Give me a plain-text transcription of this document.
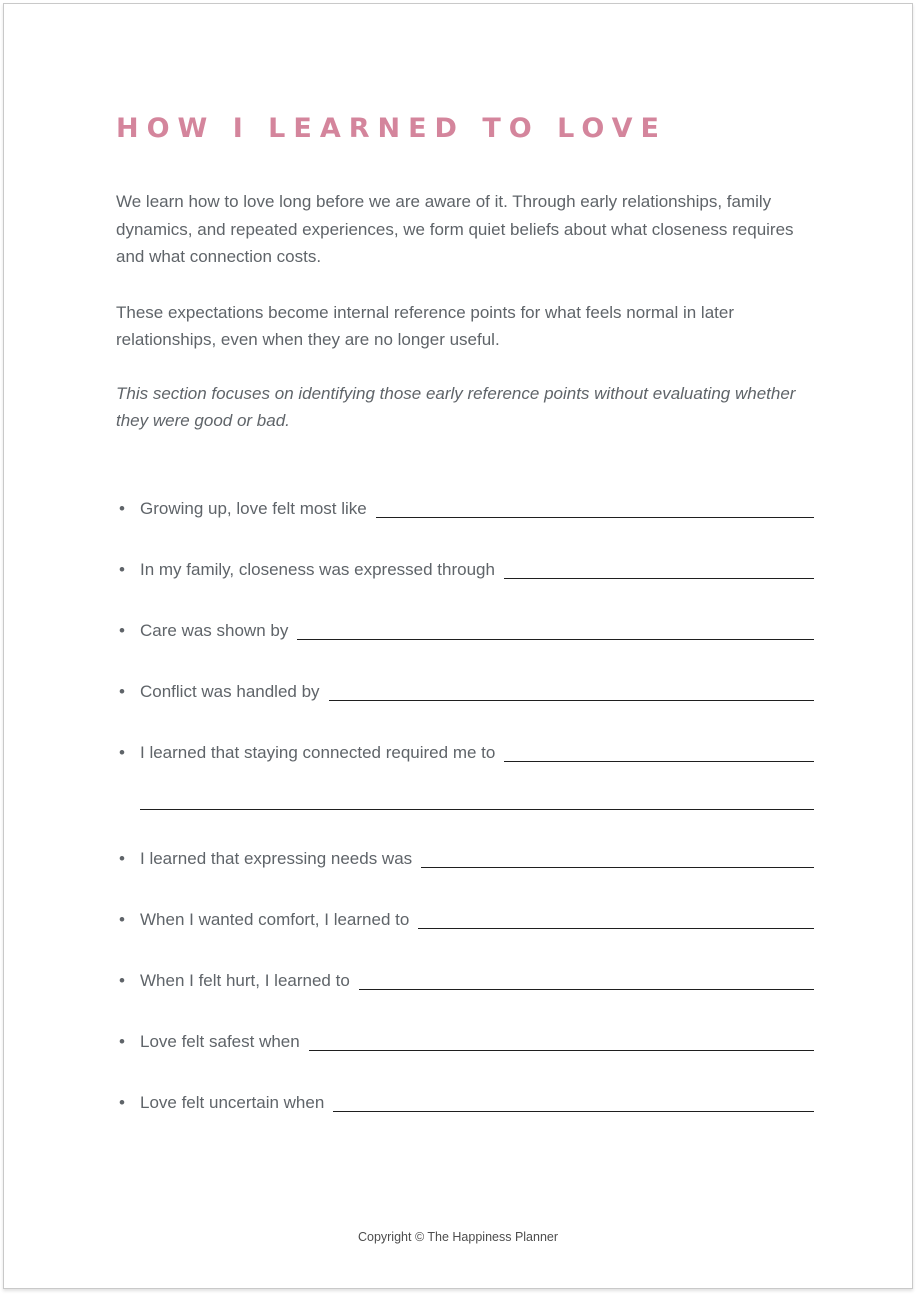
HOW I LEARNED TO LOVE

We learn how to love long before we are aware of it. Through early relationships, family dynamics, and repeated experiences, we form quiet beliefs about what closeness requires and what connection costs.

These expectations become internal reference points for what feels normal in later relationships, even when they are no longer useful.

This section focuses on identifying those early reference points without evaluating whether they were good or bad.

• Growing up, love felt most like
• In my family, closeness was expressed through
• Care was shown by
• Conflict was handled by
• I learned that staying connected required me to
• I learned that expressing needs was
• When I wanted comfort, I learned to
• When I felt hurt, I learned to
• Love felt safest when
• Love felt uncertain when
Copyright © The Happiness Planner
